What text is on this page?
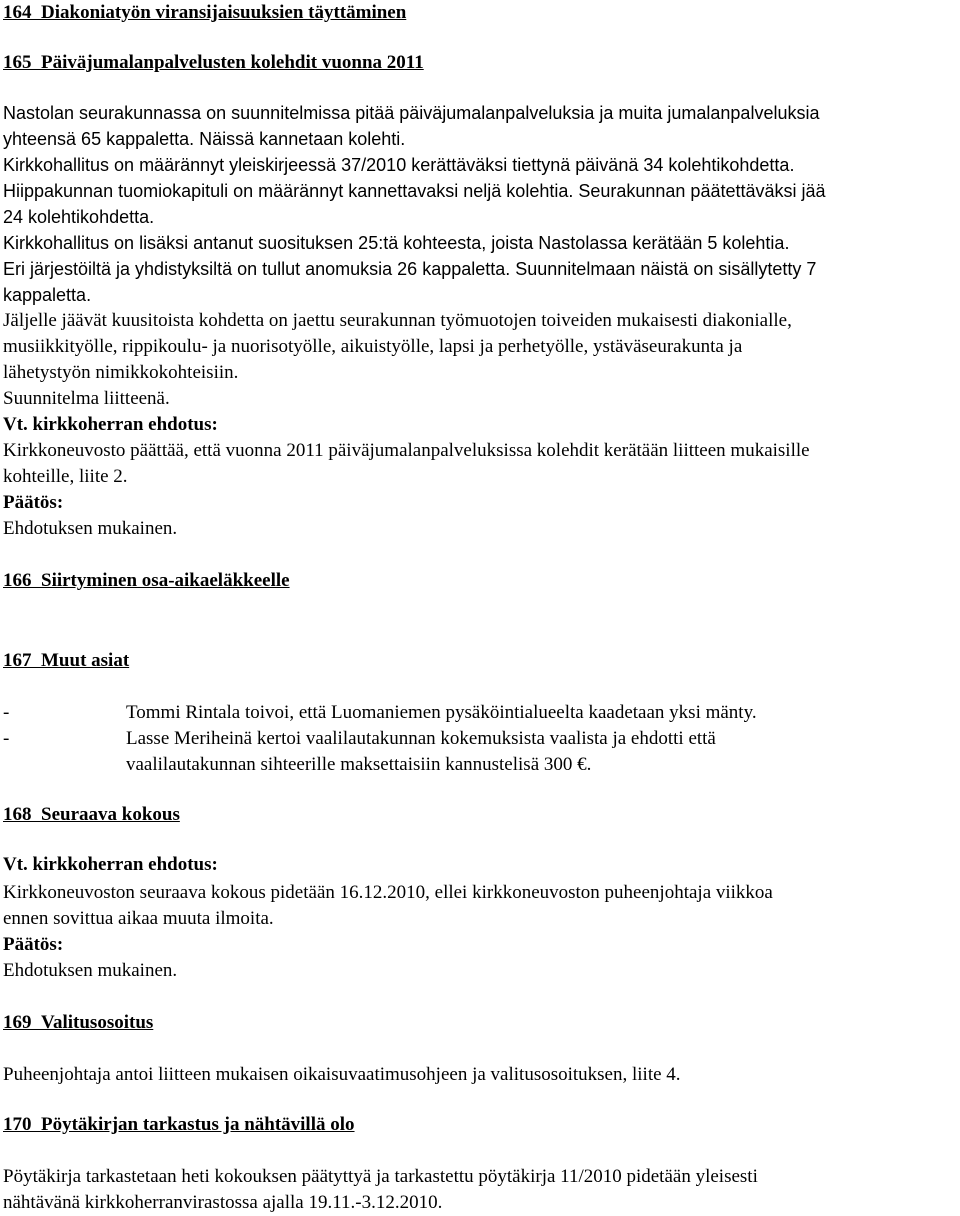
164 Diakoniatyön viransijaisuuksien täyttäminen
165 Päiväjumalanpalvelusten kolehdit vuonna 2011
Nastolan seurakunnassa on suunnitelmissa pitää päiväjumalanpalveluksia ja muita jumalanpalveluksia
yhteensä 65 kappaletta. Näissä kannetaan kolehti.
Kirkkohallitus on määrännyt yleiskirjeessä 37/2010 kerättäväksi tiettynä päivänä 34 kolehtikohdetta.
Hiippakunnan tuomiokapituli on määrännyt kannettavaksi neljä kolehtia. Seurakunnan päätettäväksi jää
24 kolehtikohdetta.
Kirkkohallitus on lisäksi antanut suosituksen 25:tä kohteesta, joista Nastolassa kerätään 5 kolehtia.
Eri järjestöiltä ja yhdistyksiltä on tullut anomuksia 26 kappaletta. Suunnitelmaan näistä on sisällytetty 7
kappaletta.
Jäljelle jäävät kuusitoista kohdetta on jaettu seurakunnan työmuotojen toiveiden mukaisesti diakonialle,
musiikkityölle, rippikoulu- ja nuorisotyölle, aikuistyölle, lapsi ja perhetyölle, ystäväseurakunta ja
lähetystyön nimikkokohteisiin.
Suunnitelma liitteenä.
Vt. kirkkoherran ehdotus:
Kirkkoneuvosto päättää, että vuonna 2011 päiväjumalanpalveluksissa kolehdit kerätään liitteen mukaisille
kohteille, liite 2.
Päätös:
Ehdotuksen mukainen.
166 Siirtyminen osa-aikaeläkkeelle
167 Muut asiat
-	Tommi Rintala toivoi, että Luomaniemen pysäköintialueelta kaadetaan yksi mänty.
-	Lasse Meriheinä kertoi vaalilautakunnan kokemuksista vaalista ja ehdotti että
vaalilautakunnan sihteerille maksettaisiin kannustelisä 300 €.
168 Seuraava kokous
Vt. kirkkoherran ehdotus:
Kirkkoneuvoston seuraava kokous pidetään 16.12.2010, ellei kirkkoneuvoston puheenjohtaja viikkoa
ennen sovittua aikaa muuta ilmoita.
Päätös:
Ehdotuksen mukainen.
169 Valitusosoitus
Puheenjohtaja antoi liitteen mukaisen oikaisuvaatimusohjeen ja valitusosoituksen, liite 4.
170 Pöytäkirjan tarkastus ja nähtävillä olo
Pöytäkirja tarkastetaan heti kokouksen päätyttyä ja tarkastettu pöytäkirja 11/2010 pidetään yleisesti
nähtävänä kirkkoherranvirastossa ajalla 19.11.-3.12.2010.
